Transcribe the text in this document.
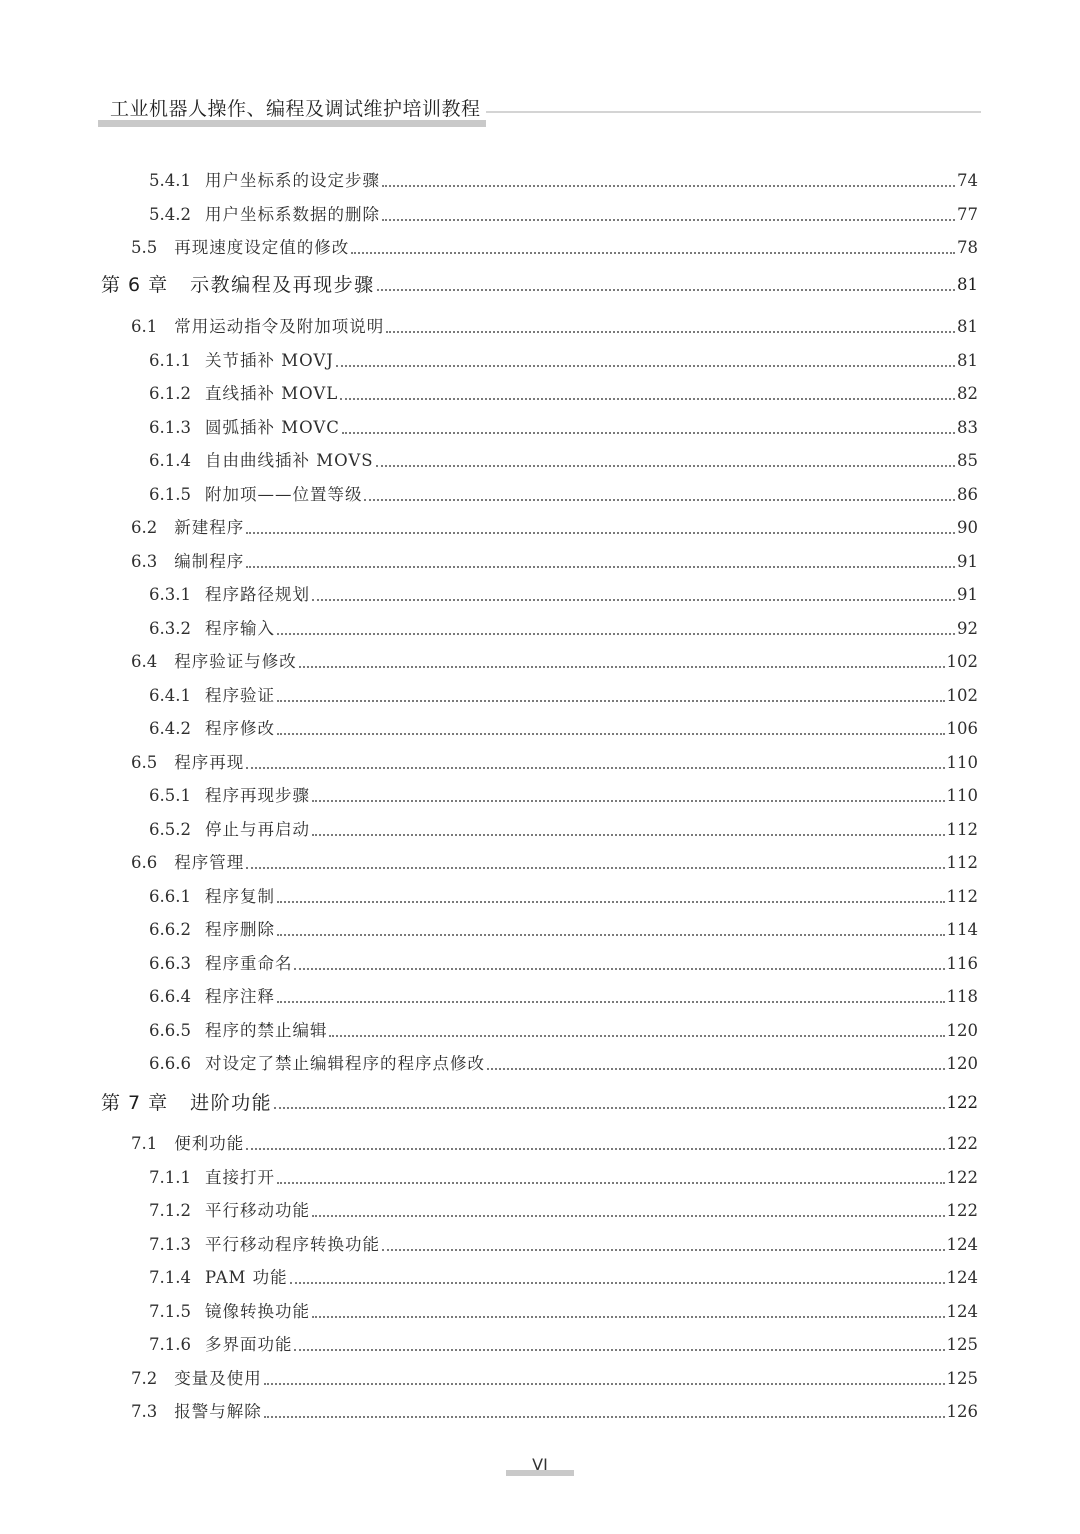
工业机器人操作、编程及调试维护培训教程
5.4.1 用户坐标系的设定步骤	74
5.4.2 用户坐标系数据的删除	77
5.5 再现速度设定值的修改	78
第 6 章 示教编程及再现步骤	81
6.1 常用运动指令及附加项说明	81
6.1.1 关节插补 MOVJ	81
6.1.2 直线插补 MOVL	82
6.1.3 圆弧插补 MOVC	83
6.1.4 自由曲线插补 MOVS	85
6.1.5 附加项——位置等级	86
6.2 新建程序	90
6.3 编制程序	91
6.3.1 程序路径规划	91
6.3.2 程序输入	92
6.4 程序验证与修改	102
6.4.1 程序验证	102
6.4.2 程序修改	106
6.5 程序再现	110
6.5.1 程序再现步骤	110
6.5.2 停止与再启动	112
6.6 程序管理	112
6.6.1 程序复制	112
6.6.2 程序删除	114
6.6.3 程序重命名	116
6.6.4 程序注释	118
6.6.5 程序的禁止编辑	120
6.6.6 对设定了禁止编辑程序的程序点修改	120
第 7 章 进阶功能	122
7.1 便利功能	122
7.1.1 直接打开	122
7.1.2 平行移动功能	122
7.1.3 平行移动程序转换功能	124
7.1.4 PAM 功能	124
7.1.5 镜像转换功能	124
7.1.6 多界面功能	125
7.2 变量及使用	125
7.3 报警与解除	126
VI
